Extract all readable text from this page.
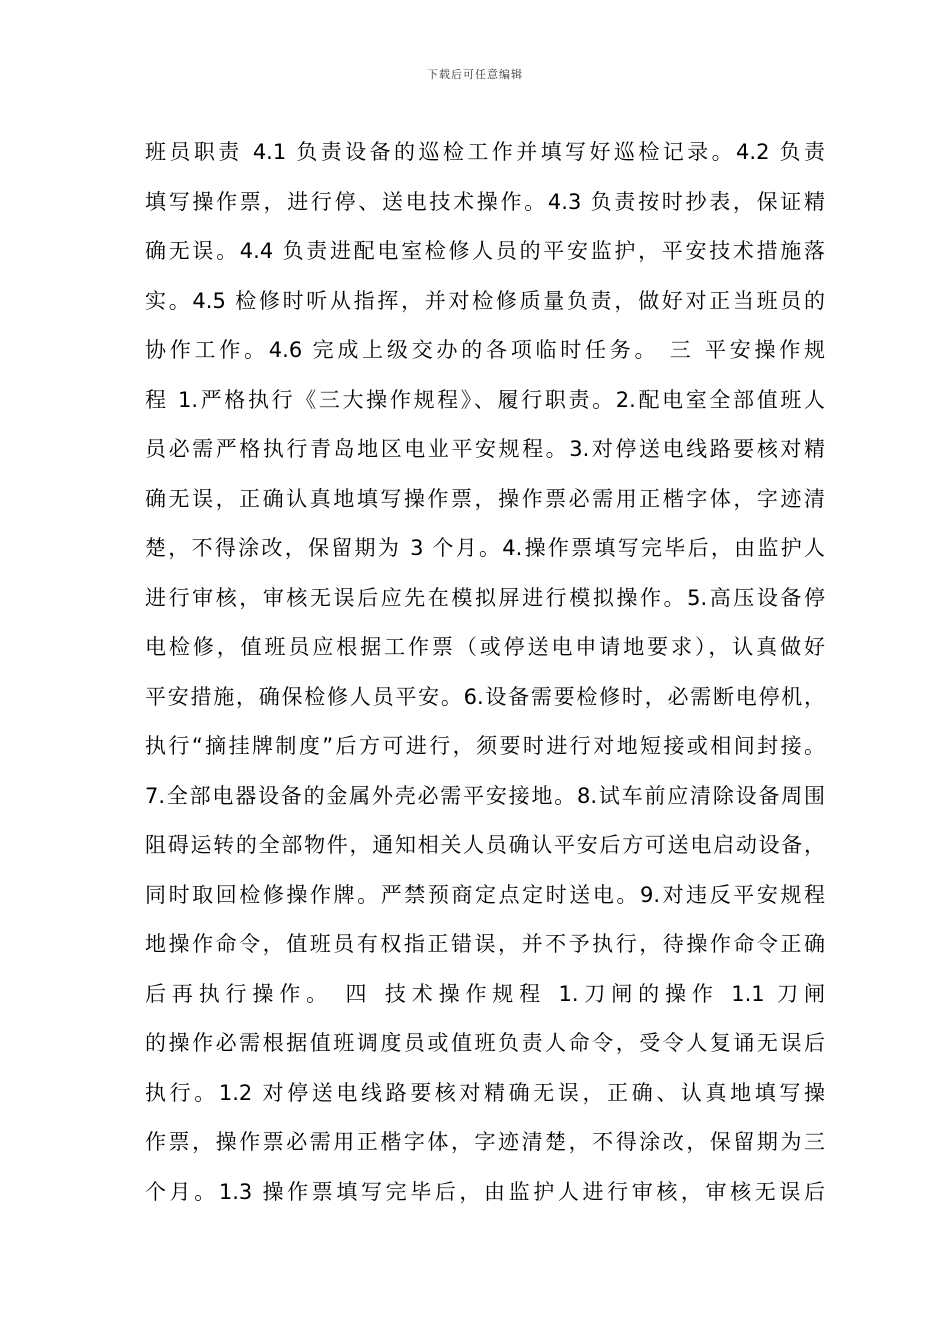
下载后可任意编辑
班员职责 4.1 负责设备的巡检工作并填写好巡检记录。4.2 负责
填写操作票，进行停、送电技术操作。4.3 负责按时抄表，保证精
确无误。4.4 负责进配电室检修人员的平安监护，平安技术措施落
实。4.5 检修时听从指挥，并对检修质量负责，做好对正当班员的
协作工作。4.6 完成上级交办的各项临时任务。 三 平安操作规
程 1.严格执行《三大操作规程》、履行职责。2.配电室全部值班人
员必需严格执行青岛地区电业平安规程。3.对停送电线路要核对精
确无误，正确认真地填写操作票，操作票必需用正楷字体，字迹清
楚，不得涂改，保留期为 3 个月。4.操作票填写完毕后，由监护人
进行审核，审核无误后应先在模拟屏进行模拟操作。5.高压设备停
电检修，值班员应根据工作票（或停送电申请地要求），认真做好
平安措施，确保检修人员平安。6.设备需要检修时，必需断电停机，
执行“摘挂牌制度”后方可进行，须要时进行对地短接或相间封接。
7.全部电器设备的金属外壳必需平安接地。8.试车前应清除设备周围
阻碍运转的全部物件，通知相关人员确认平安后方可送电启动设备，
同时取回检修操作牌。严禁预商定点定时送电。9.对违反平安规程
地操作命令，值班员有权指正错误，并不予执行，待操作命令正确
后再执行操作。 四 技术操作规程 1.刀闸的操作 1.1 刀闸
的操作必需根据值班调度员或值班负责人命令，受令人复诵无误后
执行。1.2 对停送电线路要核对精确无误，正确、认真地填写操
作票，操作票必需用正楷字体，字迹清楚，不得涂改，保留期为三
个月。1.3 操作票填写完毕后，由监护人进行审核，审核无误后
